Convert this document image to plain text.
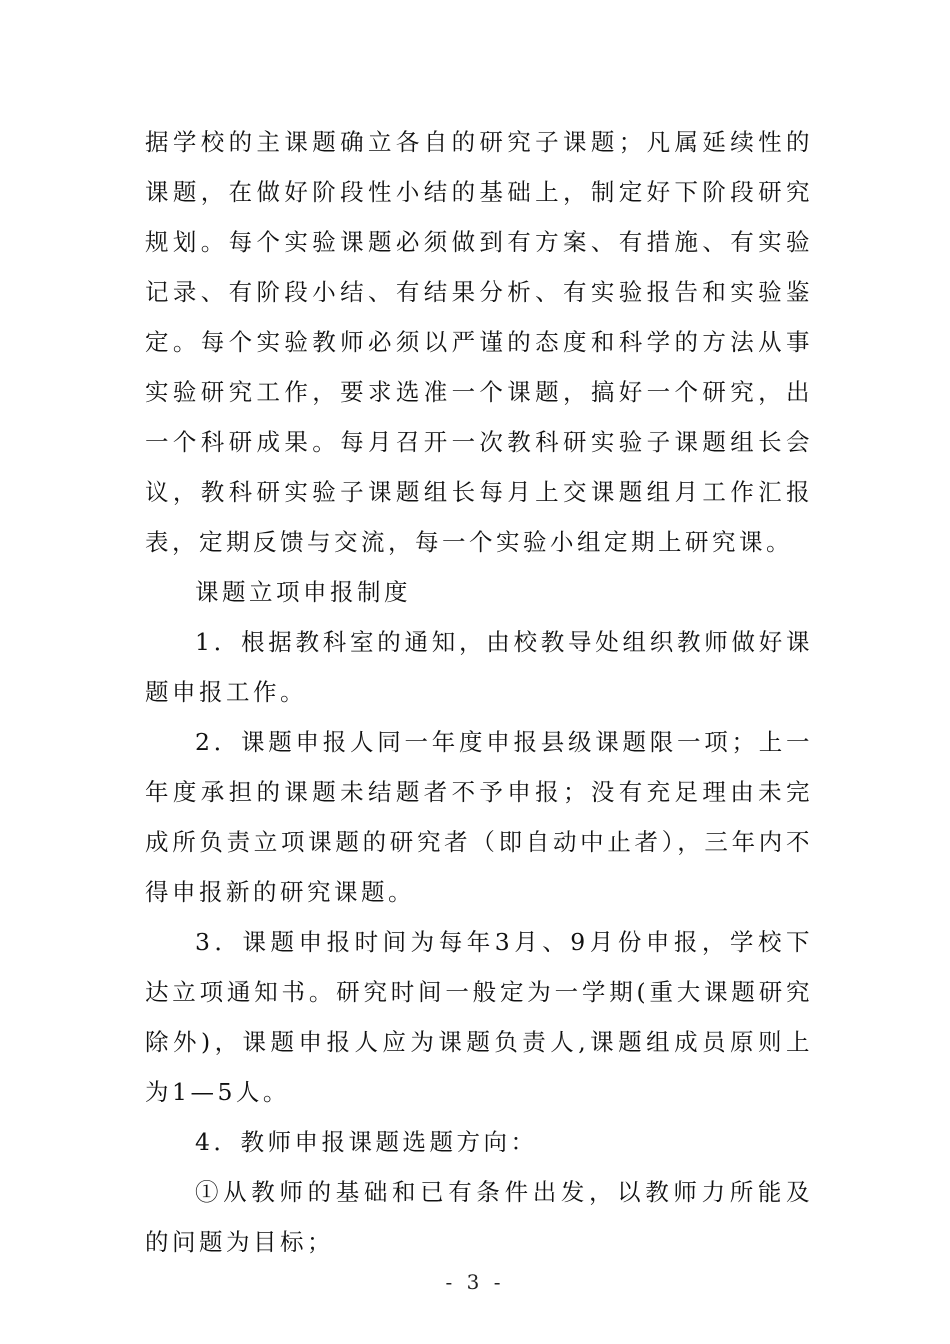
据学校的主课题确立各自的研究子课题；凡属延续性的课题，在做好阶段性小结的基础上，制定好下阶段研究规划。每个实验课题必须做到有方案、有措施、有实验记录、有阶段小结、有结果分析、有实验报告和实验鉴定。每个实验教师必须以严谨的态度和科学的方法从事实验研究工作，要求选准一个课题，搞好一个研究，出一个科研成果。每月召开一次教科研实验子课题组长会议，教科研实验子课题组长每月上交课题组月工作汇报表，定期反馈与交流，每一个实验小组定期上研究课。

课题立项申报制度

1．根据教科室的通知，由校教导处组织教师做好课题申报工作。

2．课题申报人同一年度申报县级课题限一项；上一年度承担的课题未结题者不予申报；没有充足理由未完成所负责立项课题的研究者（即自动中止者），三年内不得申报新的研究课题。

3．课题申报时间为每年3月、9月份申报，学校下达立项通知书。研究时间一般定为一学期(重大课题研究除外)，课题申报人应为课题负责人,课题组成员原则上为1—5人。

4．教师申报课题选题方向：

①从教师的基础和已有条件出发，以教师力所能及的问题为目标；

- 3 -
